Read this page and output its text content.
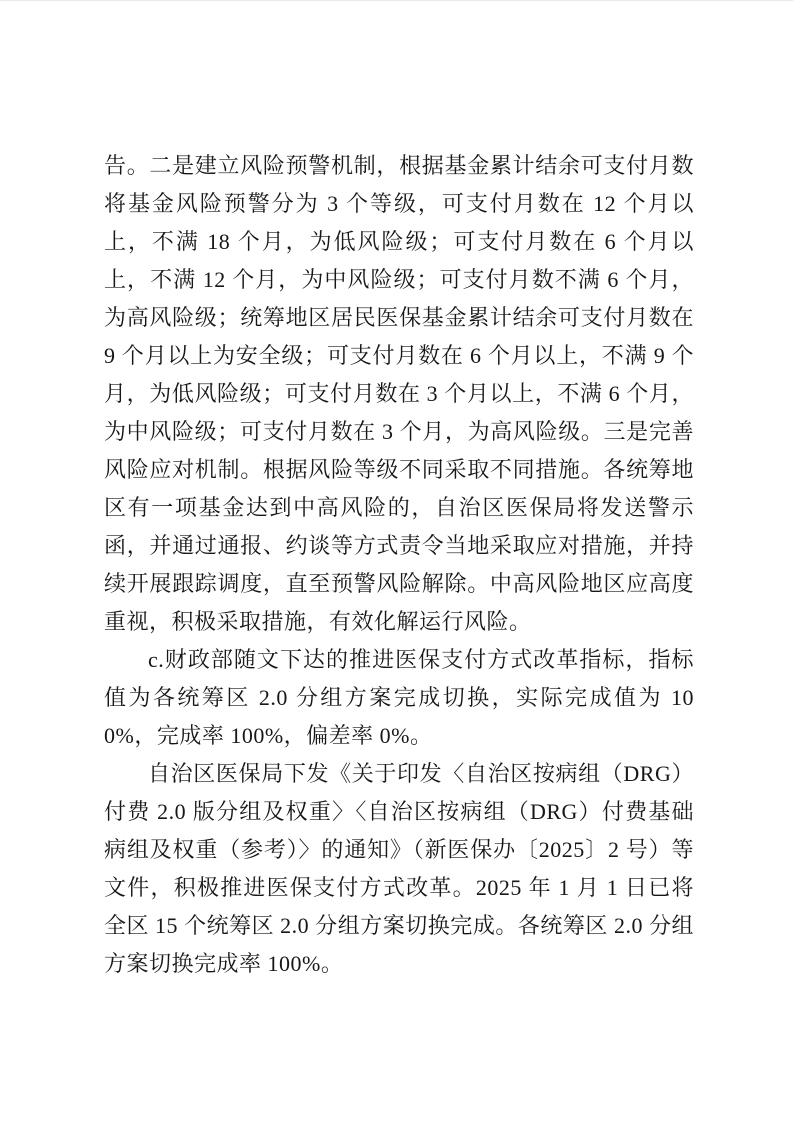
告。二是建立风险预警机制，根据基金累计结余可支付月数将基金风险预警分为 3 个等级，可支付月数在 12 个月以上，不满 18 个月，为低风险级；可支付月数在 6 个月以上，不满 12 个月，为中风险级；可支付月数不满 6 个月，为高风险级；统筹地区居民医保基金累计结余可支付月数在 9 个月以上为安全级；可支付月数在 6 个月以上，不满 9 个月，为低风险级；可支付月数在 3 个月以上，不满 6 个月，为中风险级；可支付月数在 3 个月，为高风险级。三是完善风险应对机制。根据风险等级不同采取不同措施。各统筹地区有一项基金达到中高风险的，自治区医保局将发送警示函，并通过通报、约谈等方式责令当地采取应对措施，并持续开展跟踪调度，直至预警风险解除。中高风险地区应高度重视，积极采取措施，有效化解运行风险。

c.财政部随文下达的推进医保支付方式改革指标，指标值为各统筹区 2.0 分组方案完成切换，实际完成值为 100%，完成率 100%，偏差率 0%。

自治区医保局下发《关于印发〈自治区按病组（DRG）付费 2.0 版分组及权重〉〈自治区按病组（DRG）付费基础病组及权重（参考）〉的通知》（新医保办〔2025〕2 号）等文件，积极推进医保支付方式改革。2025 年 1 月 1 日已将全区 15 个统筹区 2.0 分组方案切换完成。各统筹区 2.0 分组方案切换完成率 100%。
